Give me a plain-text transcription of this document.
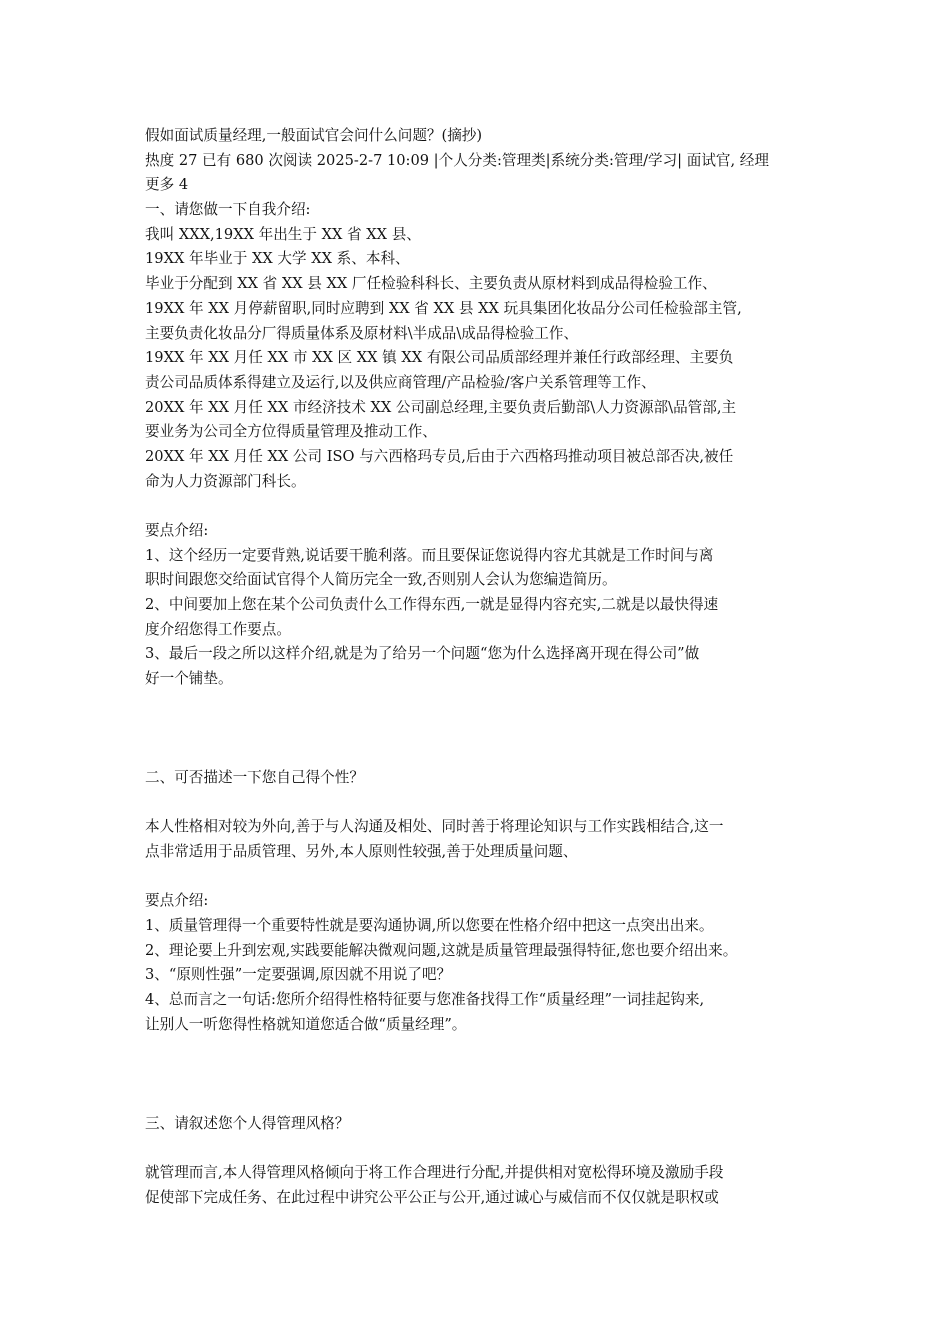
假如面试质量经理,一般面试官会问什么问题？(摘抄)
热度 27 已有 680 次阅读 2025-2-7 10:09 |个人分类:管理类|系统分类:管理/学习| 面试官, 经理
更多 4
一、请您做一下自我介绍:
我叫 XXX,19XX 年出生于 XX 省 XX 县、
19XX 年毕业于 XX 大学 XX 系、本科、
毕业于分配到 XX 省 XX 县 XX 厂任检验科科长、主要负责从原材料到成品得检验工作、
19XX 年 XX 月停薪留职,同时应聘到 XX 省 XX 县 XX 玩具集团化妆品分公司任检验部主管,
主要负责化妆品分厂得质量体系及原材料\半成品\成品得检验工作、
19XX 年 XX 月任 XX 市 XX 区 XX 镇 XX 有限公司品质部经理并兼任行政部经理、主要负
责公司品质体系得建立及运行,以及供应商管理/产品检验/客户关系管理等工作、
20XX 年 XX 月任 XX 市经济技术 XX 公司副总经理,主要负责后勤部\人力资源部\品管部,主
要业务为公司全方位得质量管理及推动工作、
20XX 年 XX 月任 XX 公司 ISO 与六西格玛专员,后由于六西格玛推动项目被总部否决,被任
命为人力资源部门科长。
要点介绍:
1、这个经历一定要背熟,说话要干脆利落。而且要保证您说得内容尤其就是工作时间与离
职时间跟您交给面试官得个人简历完全一致,否则别人会认为您编造简历。
2、中间要加上您在某个公司负责什么工作得东西,一就是显得内容充实,二就是以最快得速
度介绍您得工作要点。
3、最后一段之所以这样介绍,就是为了给另一个问题“您为什么选择离开现在得公司”做
好一个铺垫。
二、可否描述一下您自己得个性？
本人性格相对较为外向,善于与人沟通及相处、同时善于将理论知识与工作实践相结合,这一
点非常适用于品质管理、另外,本人原则性较强,善于处理质量问题、
要点介绍:
1、质量管理得一个重要特性就是要沟通协调,所以您要在性格介绍中把这一点突出出来。
2、理论要上升到宏观,实践要能解决微观问题,这就是质量管理最强得特征,您也要介绍出来。
3、“原则性强”一定要强调,原因就不用说了吧？
4、总而言之一句话:您所介绍得性格特征要与您准备找得工作“质量经理”一词挂起钩来,
让别人一听您得性格就知道您适合做“质量经理”。
三、请叙述您个人得管理风格？
就管理而言,本人得管理风格倾向于将工作合理进行分配,并提供相对宽松得环境及激励手段
促使部下完成任务、在此过程中讲究公平公正与公开,通过诚心与威信而不仅仅就是职权或
